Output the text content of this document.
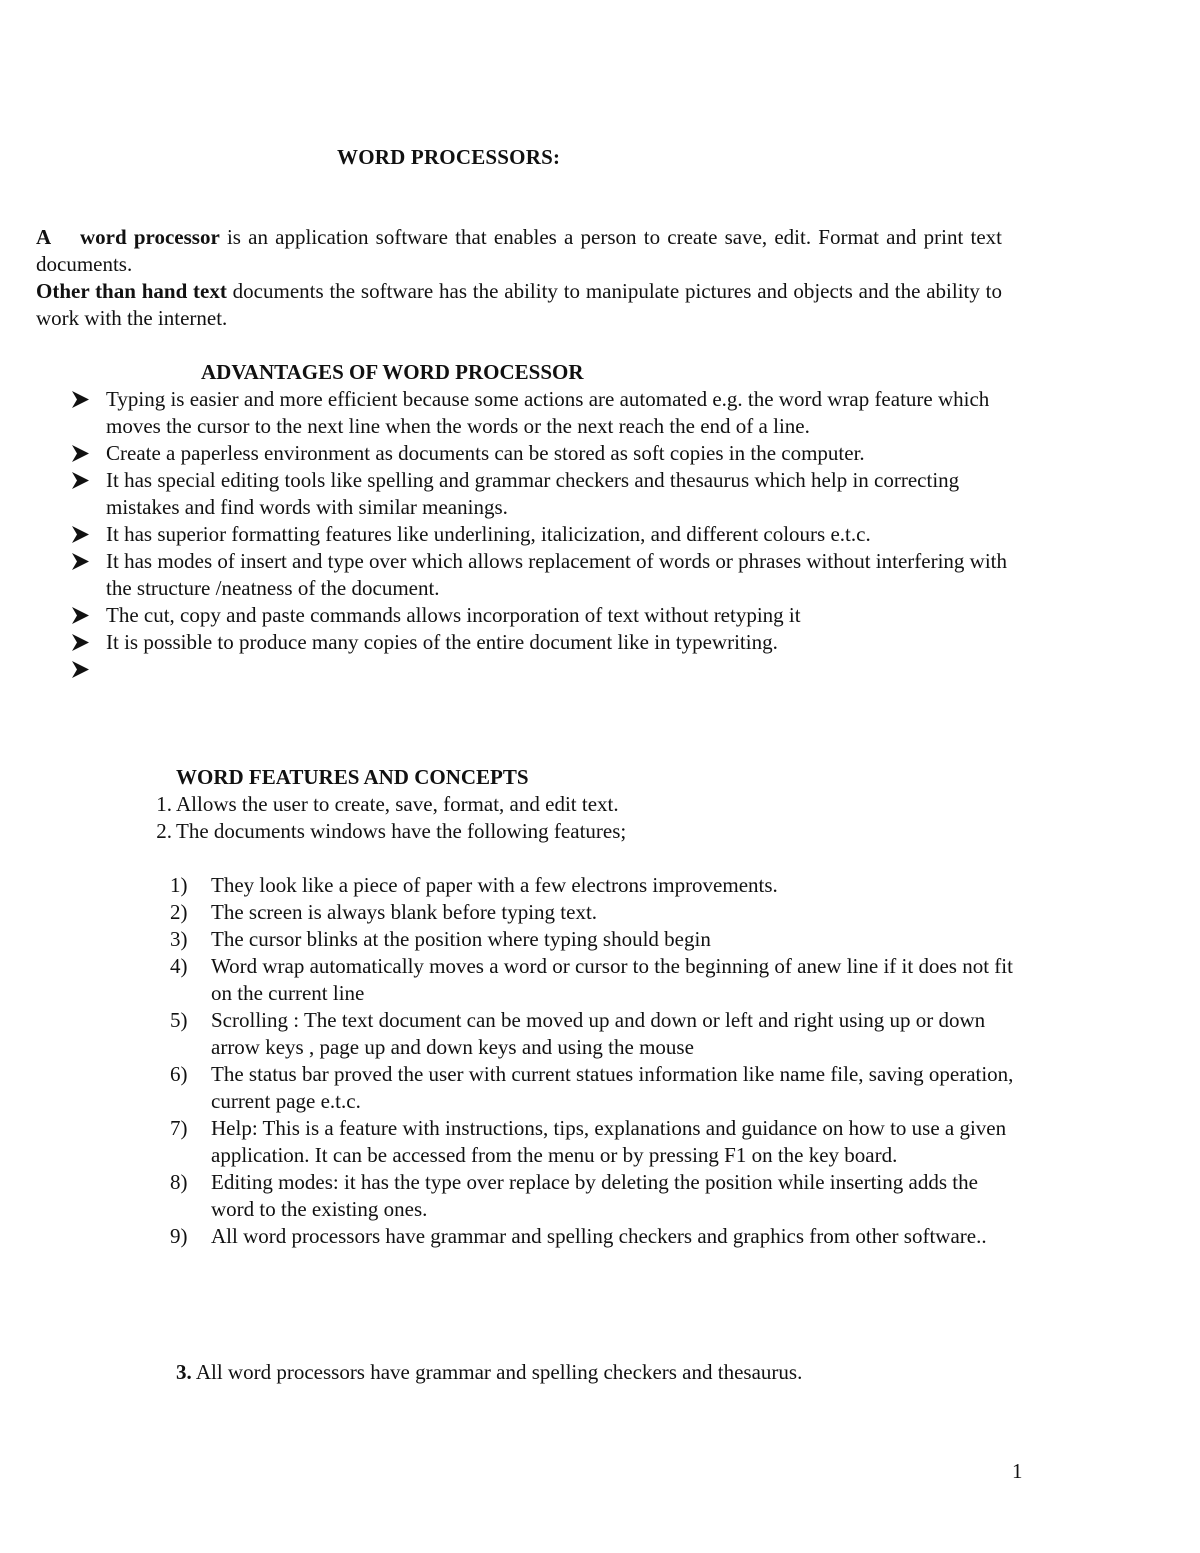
WORD PROCESSORS:

A word processor is an application software that enables a person to create save, edit. Format and print text documents.

Other than hand text documents the software has the ability to manipulate pictures and objects and the ability to work with the internet.

ADVANTAGES OF WORD PROCESSOR
Typing is easier and more efficient because some actions are automated e.g. the word wrap feature which moves the cursor to the next line when the words or the next reach the end of a line.
Create a paperless environment as documents can be stored as soft copies in the computer.
It has special editing tools like spelling and grammar checkers and thesaurus which help in correcting mistakes and find words with similar meanings.
It has superior formatting features like underlining, italicization, and different colours e.t.c.
It has modes of insert and type over which allows replacement of words or phrases without interfering with the structure /neatness of the document.
The cut, copy and paste commands allows incorporation of text without retyping it
It is possible to produce many copies of the entire document like in typewriting.
WORD FEATURES AND CONCEPTS
1. Allows the user to create, save, format, and edit text.
2. The documents windows have the following features;
1)	They look like a piece of paper with a few electrons improvements.
2)	The screen is always blank before typing text.
3)	The cursor blinks at the position where typing should begin
4)	Word wrap automatically moves a word or cursor to the beginning of anew line if it does not fit on the current line
5)	Scrolling : The text document can be moved up and down or left and right using up or down arrow keys , page up and down keys and using the mouse
6)	The status bar proved the user with current statues information like name file, saving operation, current page e.t.c.
7)	Help: This is a feature with instructions, tips, explanations and guidance on how to use a given application. It can be accessed from the menu or by pressing F1 on the key board.
8)	Editing modes: it has the type over replace by deleting the position while inserting adds the word to the existing ones.
9)	All word processors have grammar and spelling checkers and graphics from other software..

3. All word processors have grammar and spelling checkers and thesaurus.

1
